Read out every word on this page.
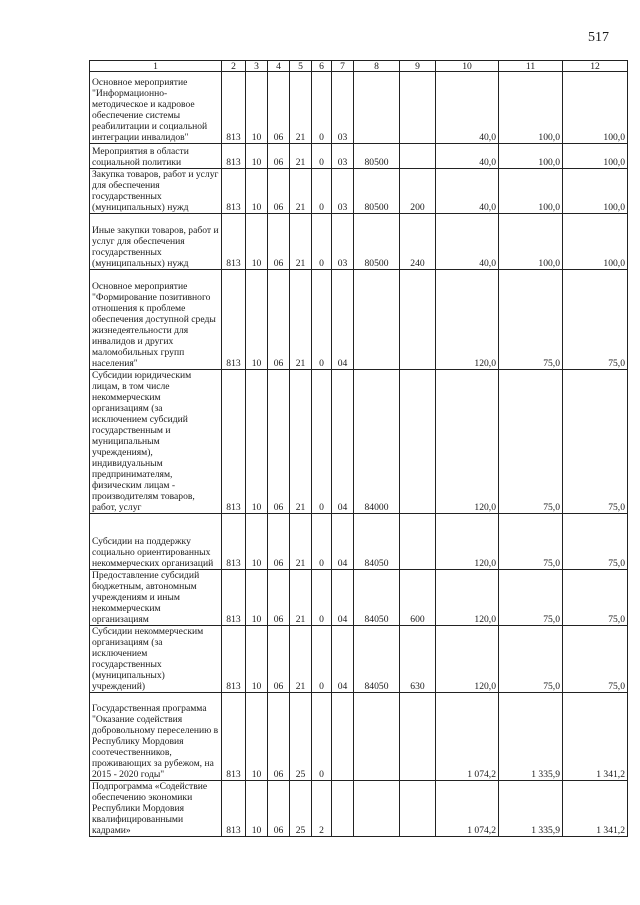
517
1	2	3	4	5	6	7	8	9	10	11	12
Основное мероприятие "Информационно-методическое и кадровое обеспечение системы реабилитации и социальной интеграции инвалидов"	813	10	06	21	0	03			40,0	100,0	100,0
Мероприятия в области социальной политики	813	10	06	21	0	03	80500		40,0	100,0	100,0
Закупка товаров, работ и услуг для обеспечения государственных (муниципальных) нужд	813	10	06	21	0	03	80500	200	40,0	100,0	100,0
Иные закупки товаров, работ и услуг для обеспечения государственных (муниципальных) нужд	813	10	06	21	0	03	80500	240	40,0	100,0	100,0
Основное мероприятие "Формирование позитивного отношения к проблеме обеспечения доступной среды жизнедеятельности для инвалидов и других маломобильных групп населения"	813	10	06	21	0	04			120,0	75,0	75,0
Субсидии юридическим лицам, в том числе некоммерческим организациям (за исключением субсидий государственным и муниципальным учреждениям), индивидуальным предпринимателям, физическим лицам - производителям товаров, работ, услуг	813	10	06	21	0	04	84000		120,0	75,0	75,0
Субсидии на поддержку социально ориентированных некоммерческих организаций	813	10	06	21	0	04	84050		120,0	75,0	75,0
Предоставление субсидий бюджетным, автономным учреждениям и иным некоммерческим организациям	813	10	06	21	0	04	84050	600	120,0	75,0	75,0
Субсидии некоммерческим организациям (за исключением государственных (муниципальных) учреждений)	813	10	06	21	0	04	84050	630	120,0	75,0	75,0
Государственная программа "Оказание содействия добровольному переселению в Республику Мордовия соотечественников, проживающих за рубежом, на 2015 - 2020 годы"	813	10	06	25	0				1 074,2	1 335,9	1 341,2
Подпрограмма «Содействие обеспечению экономики Республики Мордовия квалифицированными кадрами»	813	10	06	25	2				1 074,2	1 335,9	1 341,2
